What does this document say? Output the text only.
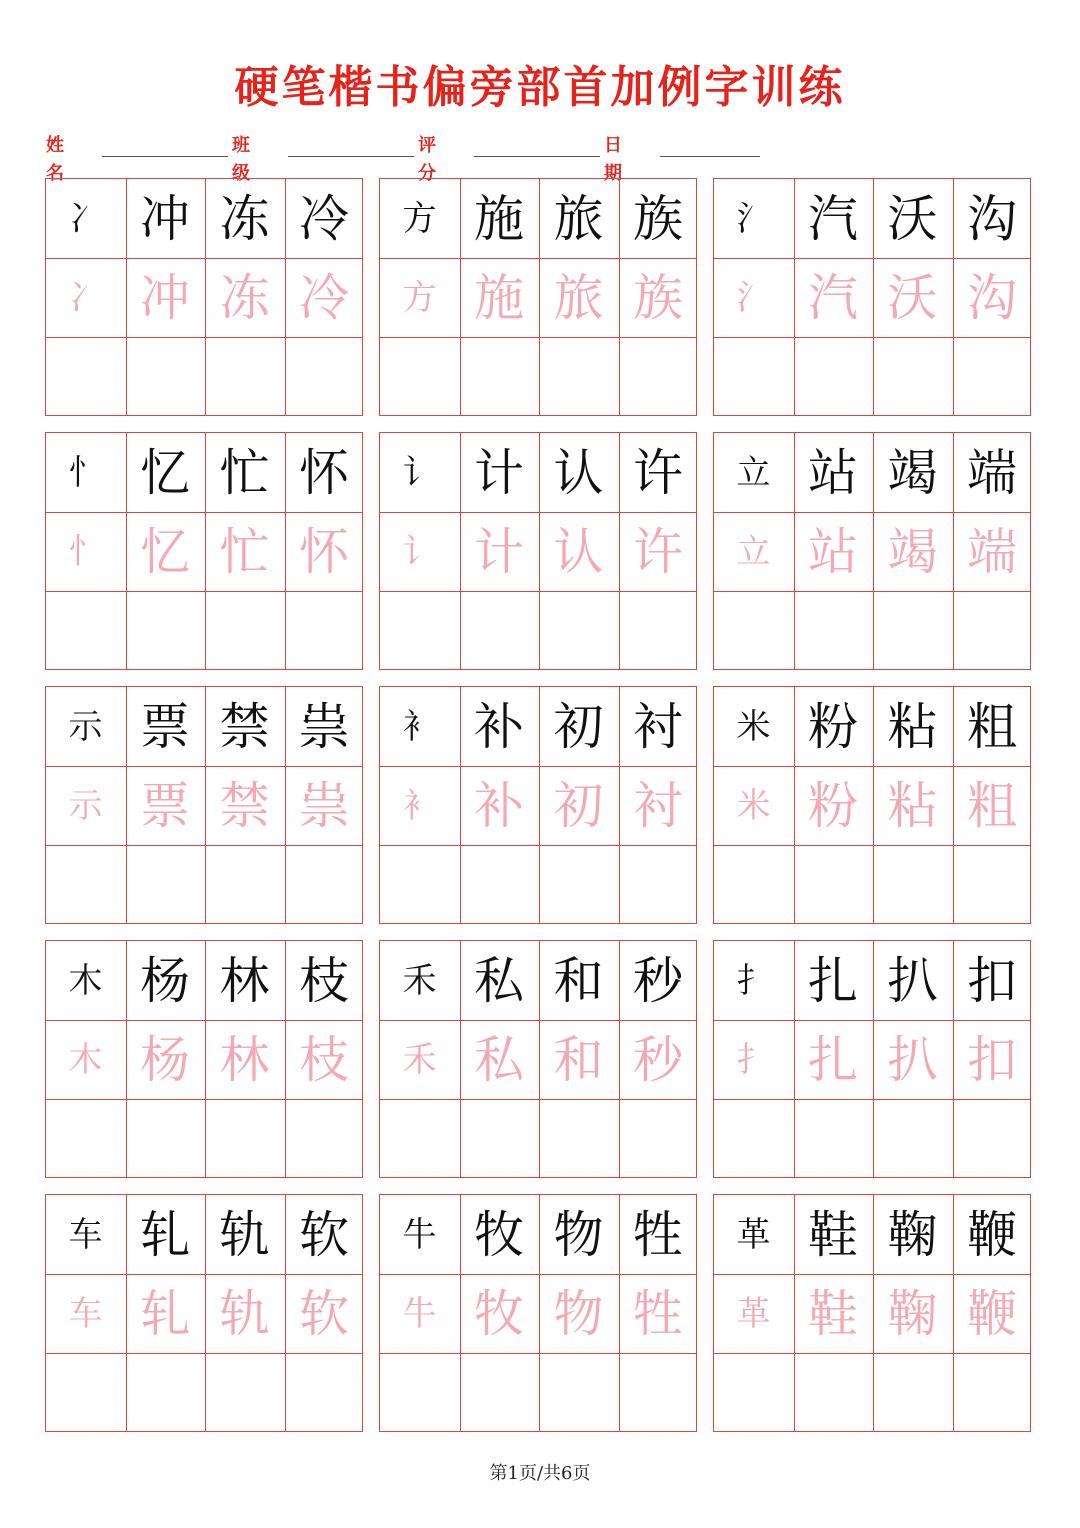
硬笔楷书偏旁部首加例字训练
姓名
班级
评分
日期
冫 冲 冻 冷
冫 冲 冻 冷
方 施 旅 族
方 施 旅 族
氵 汽 沃 沟
氵 汽 沃 沟
忄 忆 忙 怀
忄 忆 忙 怀
讠 计 认 许
讠 计 认 许
立 站 竭 端
立 站 竭 端
示 票 禁 祟
示 票 禁 祟
衤 补 初 衬
衤 补 初 衬
米 粉 粘 粗
米 粉 粘 粗
木 杨 林 枝
木 杨 林 枝
禾 私 和 秒
禾 私 和 秒
扌 扎 扒 扣
扌 扎 扒 扣
车 轧 轨 软
车 轧 轨 软
牛 牧 物 牲
牛 牧 物 牲
革 鞋 鞠 鞭
革 鞋 鞠 鞭
第1页/共6页
